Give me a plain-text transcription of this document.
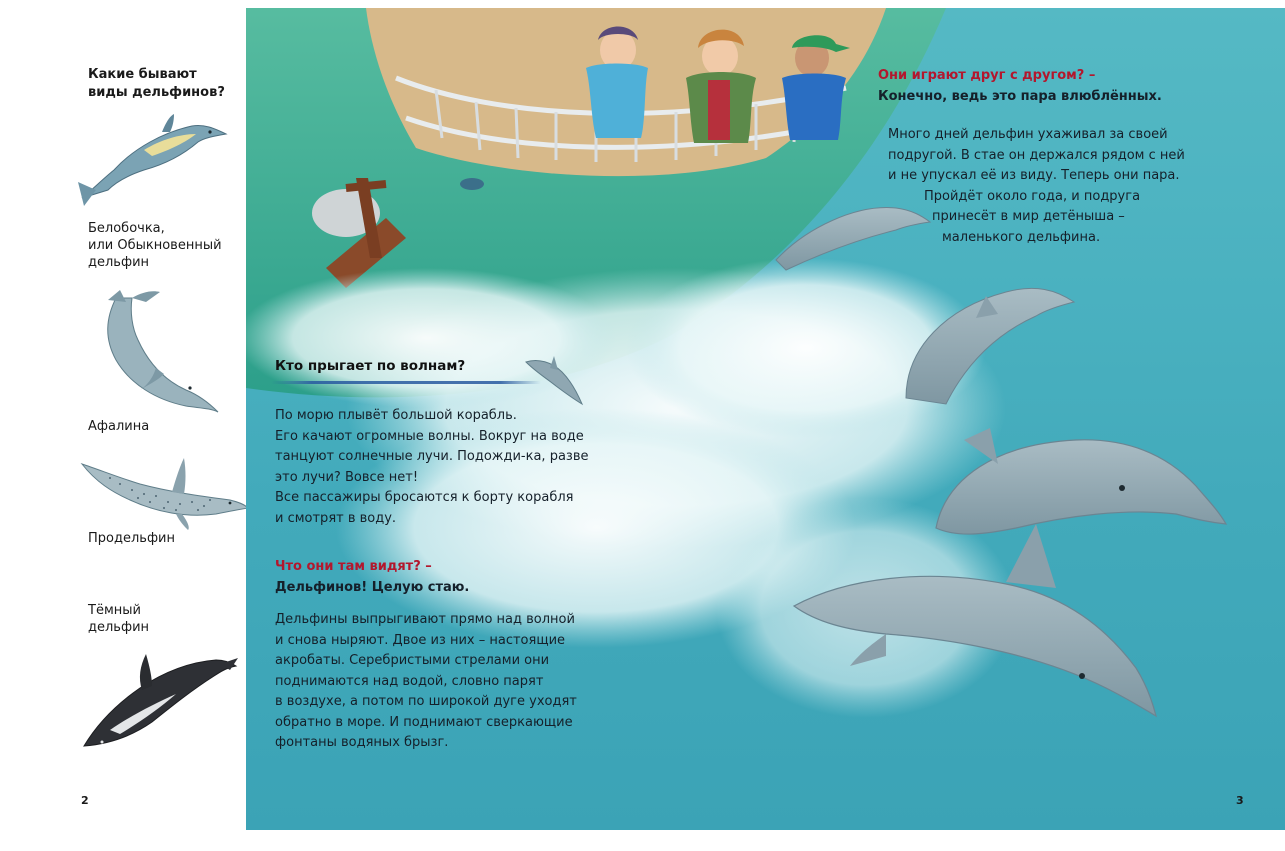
Какие бывают виды дельфинов?
Белобочка,
или Обыкновенный
дельфин
Афалина
Продельфин
Тёмный
дельфин
2
Кто прыгает по волнам?

По морю плывёт большой корабль.

Его качают огромные волны. Вокруг на воде

танцуют солнечные лучи. Подожди-ка, разве

это лучи? Вовсе нет!

Все пассажиры бросаются к борту корабля

и смотрят в воду.

Что они там видят? –

Дельфинов! Целую стаю.

Дельфины выпрыгивают прямо над волной

и снова ныряют. Двое из них – настоящие

акробаты. Серебристыми стрелами они

поднимаются над водой, словно парят

в воздухе, а потом по широкой дуге уходят

обратно в море. И поднимают сверкающие

фонтаны водяных брызг.

Они играют друг с другом? –

Конечно, ведь это пара влюблённых.

Много дней дельфин ухаживал за своей

подругой. В стае он держался рядом с ней

и не упускал её из виду. Теперь они пара.

Пройдёт около года, и подруга

принесёт в мир детёныша –

маленького дельфина.

3
